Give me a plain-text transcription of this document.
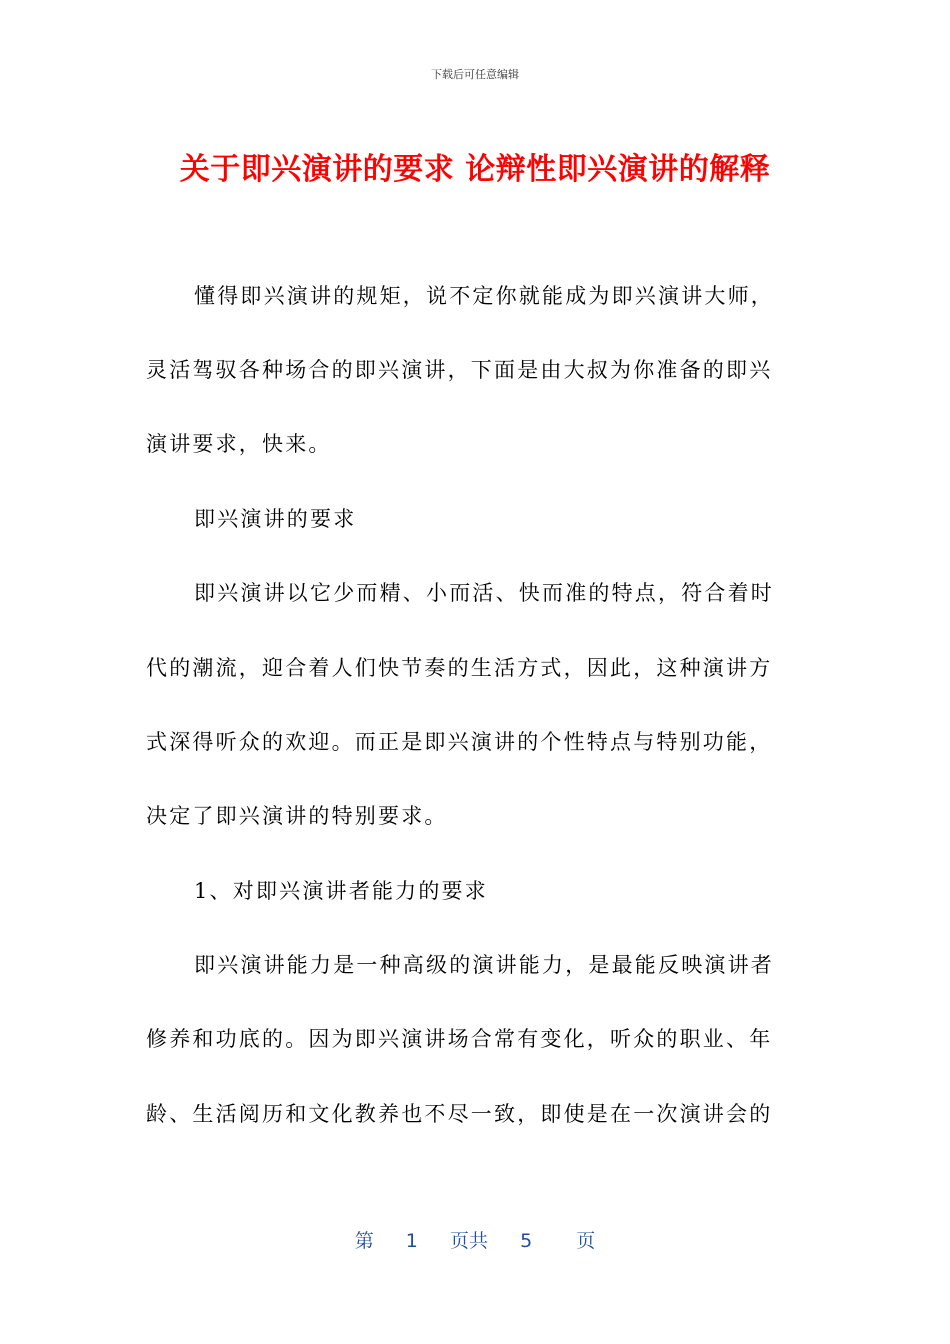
下载后可任意编辑
关于即兴演讲的要求 论辩性即兴演讲的解释
懂得即兴演讲的规矩，说不定你就能成为即兴演讲大师，
灵活驾驭各种场合的即兴演讲，下面是由大叔为你准备的即兴
演讲要求，快来。
即兴演讲的要求
即兴演讲以它少而精、小而活、快而准的特点，符合着时
代的潮流，迎合着人们快节奏的生活方式，因此，这种演讲方
式深得听众的欢迎。而正是即兴演讲的个性特点与特别功能，
决定了即兴演讲的特别要求。
1、对即兴演讲者能力的要求
即兴演讲能力是一种高级的演讲能力，是最能反映演讲者
修养和功底的。因为即兴演讲场合常有变化，听众的职业、年
龄、生活阅历和文化教养也不尽一致，即使是在一次演讲会的
第 1 页共 5 页
